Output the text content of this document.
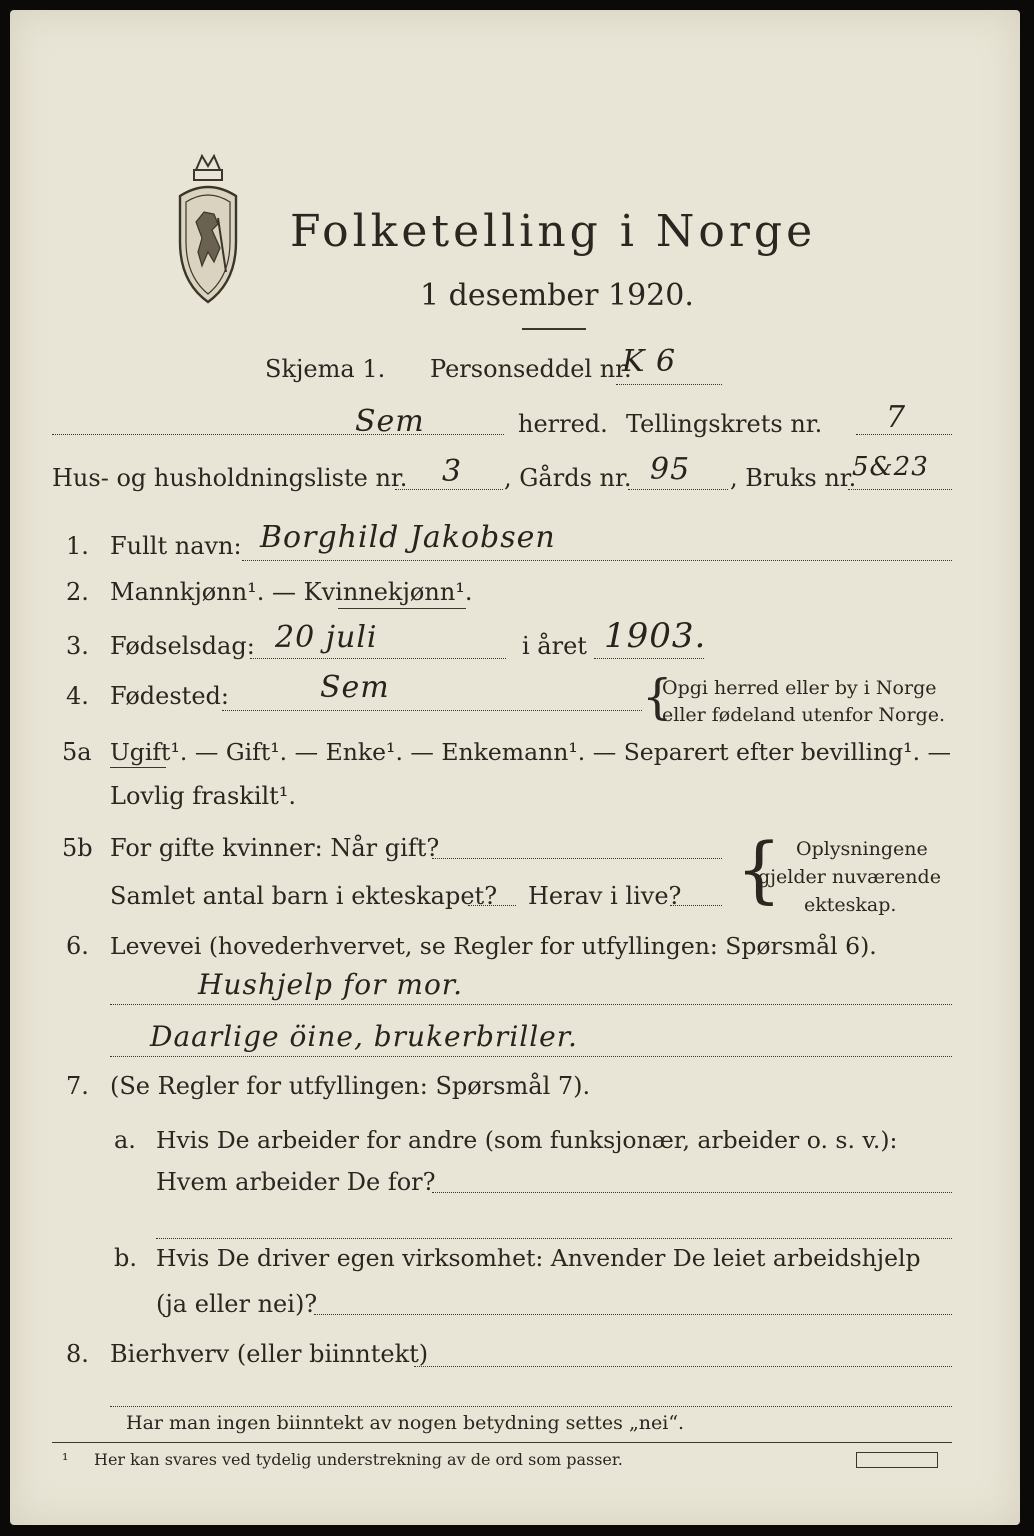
Folketelling i Norge
1 desember 1920.
Skjema 1. Personseddel nr.
K 6
Sem	herred. Tellingskrets nr. 7
Hus- og husholdningsliste nr. 3 , Gårds nr. 95 , Bruks nr.
5&23
1. Fullt navn: Borghild Jakobsen
2. Mannkjønn¹. — Kvinnekjønn¹.
3. Fødselsdag: 20 juli	i året 1903.
4. Fødested:	Sem	{
Opgi herred eller by i Norge
eller fødeland utenfor Norge.
5a Ugift¹. — Gift¹. — Enke¹. — Enkemann¹. — Separert efter bevilling¹. —
Lovlig fraskilt¹.
5b For gifte kvinner: Når gift?
Samlet antal barn i ekteskapet? Herav i live? { Oplysningene
gjelder nuværende
ekteskap.
6. Levevei (hovederhvervet, se Regler for utfyllingen: Spørsmål 6).
Hushjelp for mor.
Daarlige öine, brukerbriller.
7. (Se Regler for utfyllingen: Spørsmål 7).
a. Hvis De arbeider for andre (som funksjonær, arbeider o. s. v.):
Hvem arbeider De for?
b. Hvis De driver egen virksomhet: Anvender De leiet arbeidshjelp
(ja eller nei)?
8. Bierhverv (eller biinntekt)
Har man ingen biinntekt av nogen betydning settes „nei“.
¹ Her kan svares ved tydelig understrekning av de ord som passer.
